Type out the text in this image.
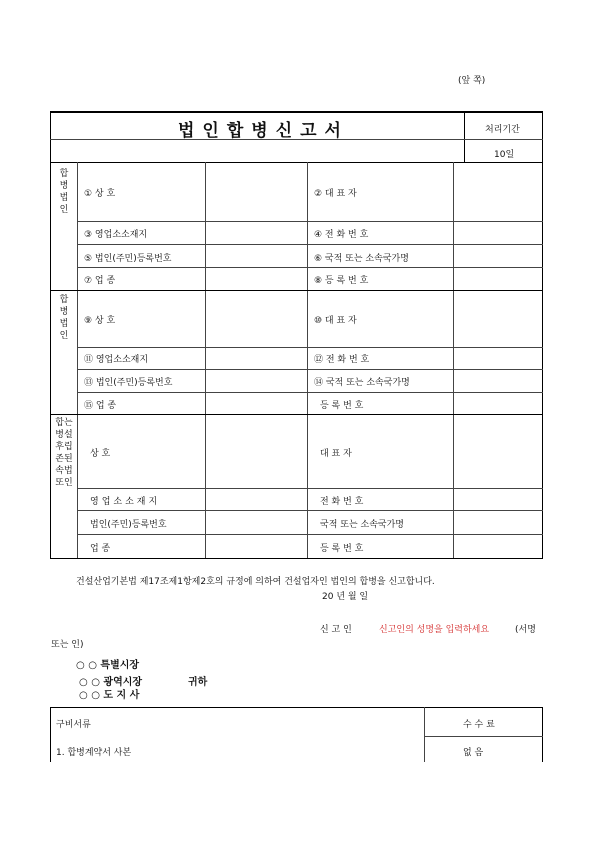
(앞 쪽)
법인합병신고서	처리기간
10일
합
병
법
인
① 상 호	② 대 표 자
③ 영업소소재지	④ 전 화 번 호
⑤ 법인(주민)등록번호	⑥ 국적 또는 소속국가명
⑦ 업 종	⑧ 등 록 번 호
합
병
법
인
⑨ 상 호	⑩ 대 표 자
⑪ 영업소소재지	⑫ 전 화 번 호
⑬ 법인(주민)등록번호	⑭ 국적 또는 소속국가명
⑮ 업 종	등 록 번 호
합는
병설
후립
존된
속법
또인
상 호	대 표 자
영업소소재지	전 화 번 호
법인(주민)등록번호	국적 또는 소속국가명
업 종	등 록 번 호
건설산업기본법 제17조제1항제2호의 규정에 의하여 건설업자인 법인의 합병을 신고합니다.
20 년 월 일
신 고 인	신고인의 성명을 입력하세요	(서명
또는 인)
○ ○ 특별시장
○ ○ 광역시장	귀하
○ ○ 도 지 사
구비서류	수 수 료
1. 합병계약서 사본	없 음
